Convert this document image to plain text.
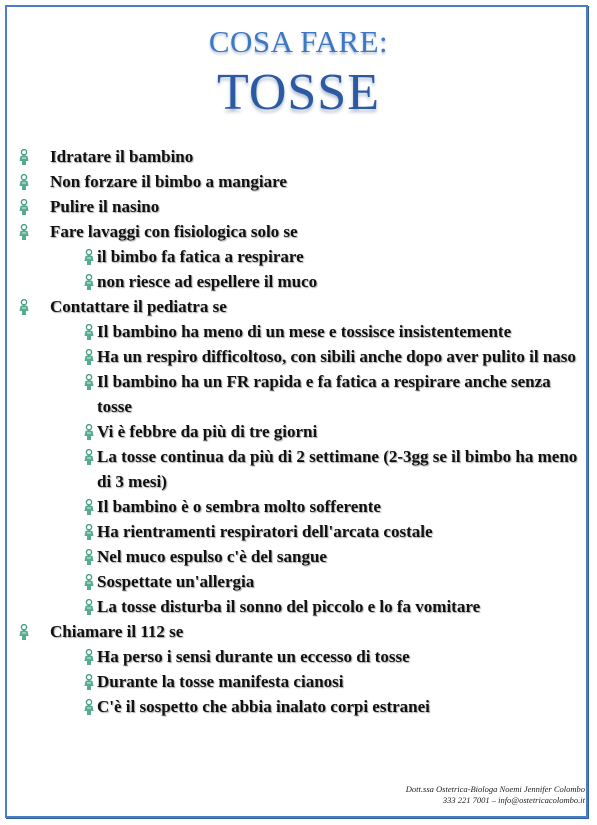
COSA FARE:
TOSSE
Idratare il bambino
Non forzare il bimbo a mangiare
Pulire il nasino
Fare lavaggi con fisiologica solo se
il bimbo fa fatica a respirare
non riesce ad espellere il muco
Contattare il pediatra se
Il bambino ha meno di un mese e tossisce insistentemente
Ha un respiro difficoltoso, con sibili anche dopo aver pulito il naso
Il bambino ha un FR rapida e fa fatica a respirare anche senza tosse
Vi è febbre da più di tre giorni
La tosse continua da più di 2 settimane (2-3gg se il bimbo ha meno di 3 mesi)
Il bambino è o sembra molto sofferente
Ha rientramenti respiratori dell'arcata costale
Nel muco espulso c'è del sangue
Sospettate un'allergia
La tosse disturba il sonno del piccolo e lo fa vomitare
Chiamare il 112 se
Ha perso i sensi durante un eccesso di tosse
Durante la tosse manifesta cianosi
C'è il sospetto che abbia inalato corpi estranei
Dott.ssa Ostetrica-Biologa Noemi Jennifer Colombo
333 221 7001 – info@ostetricacolombo.it
